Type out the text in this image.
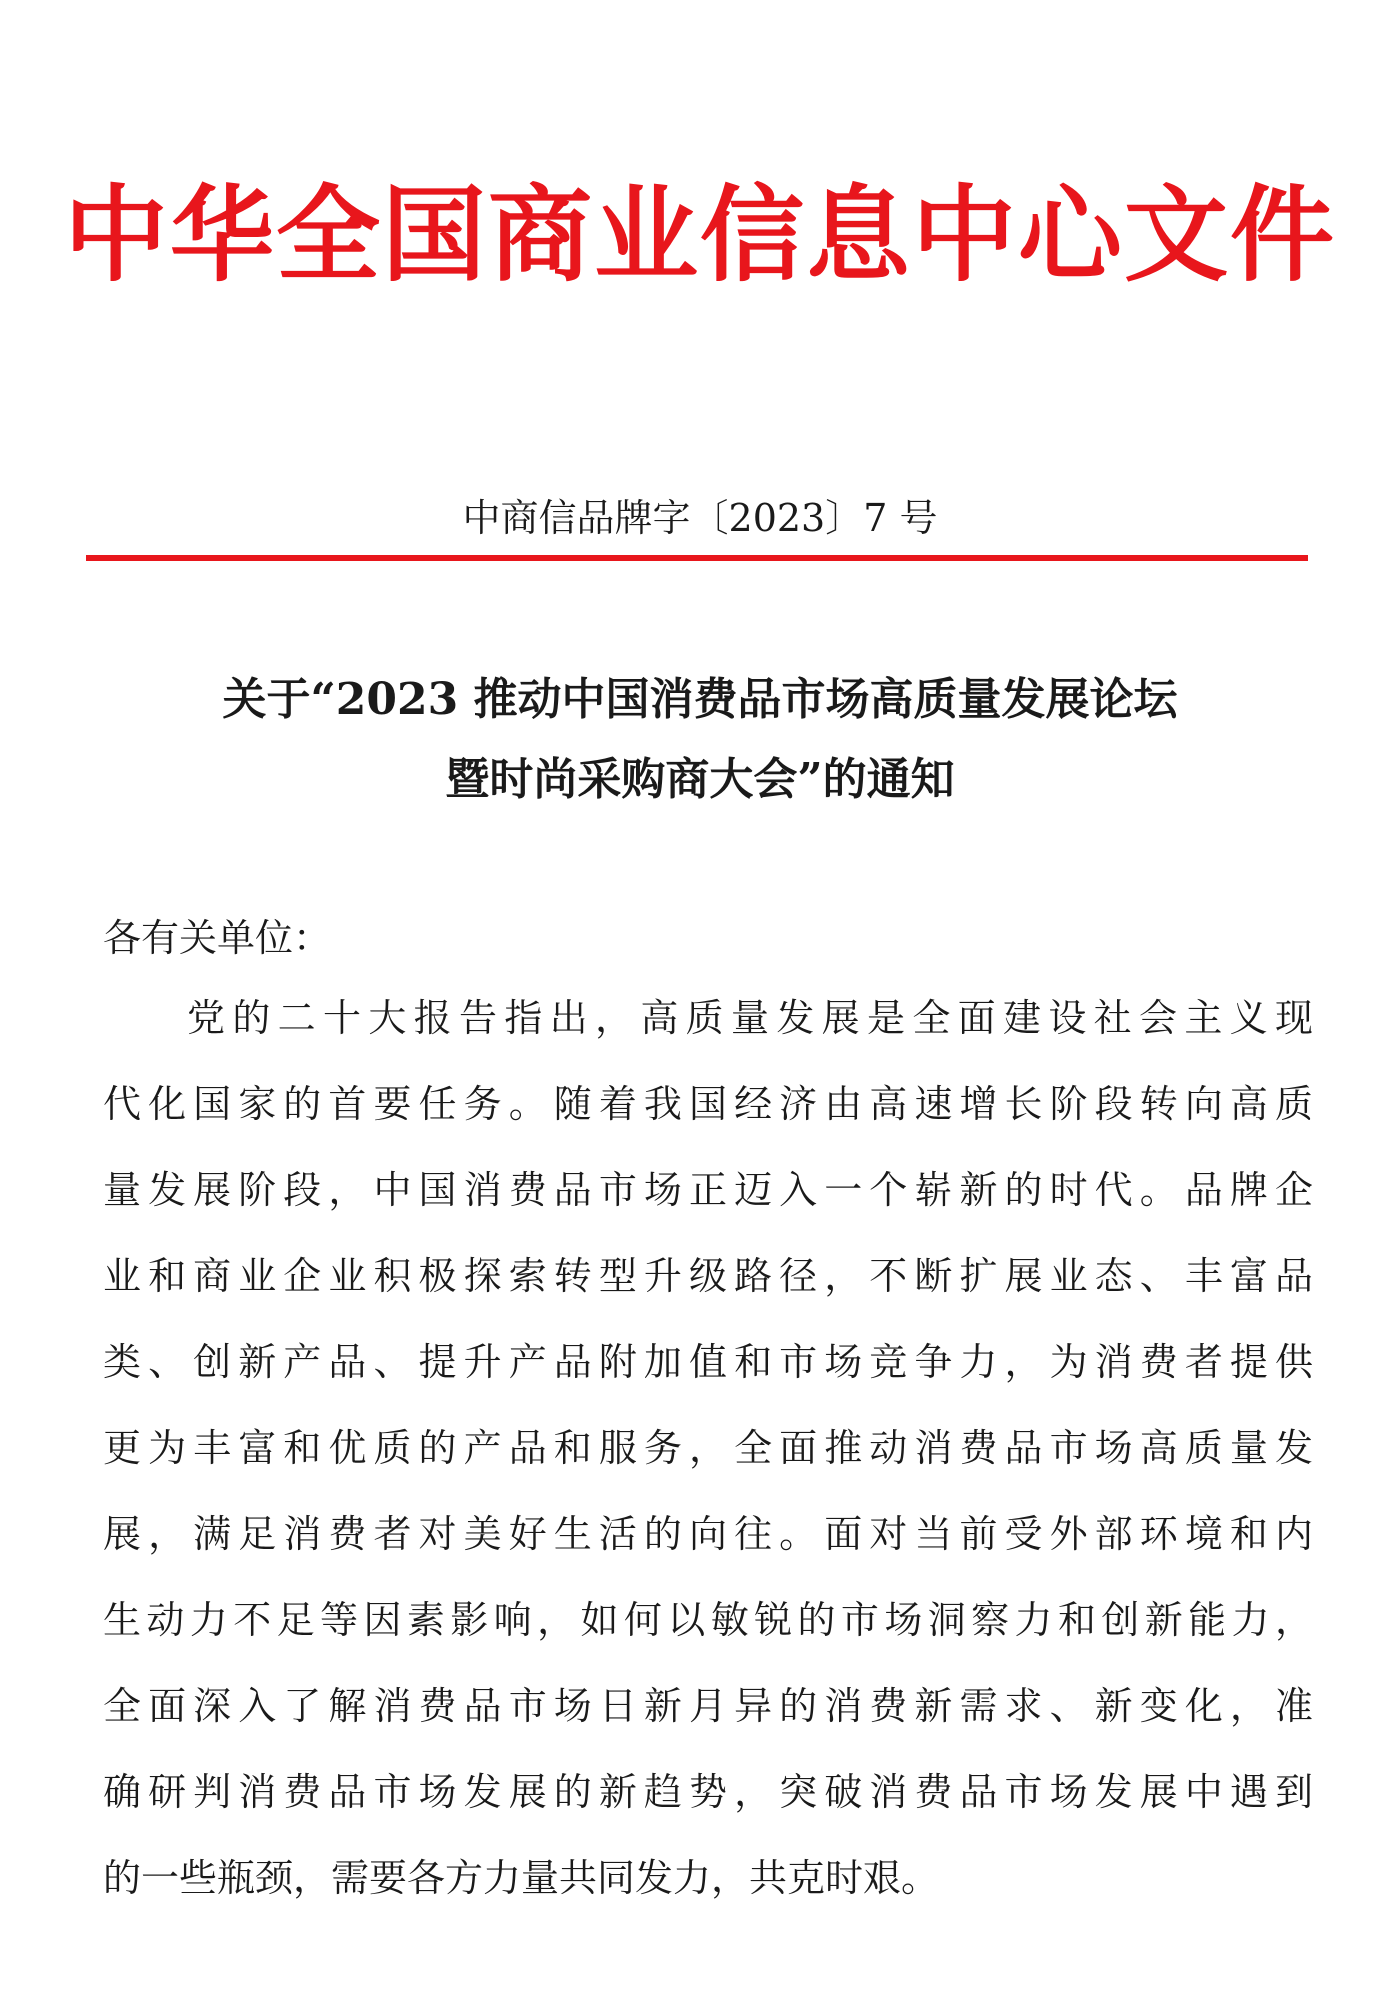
中华全国商业信息中心文件
中商信品牌字〔2023〕7 号
关于“2023 推动中国消费品市场高质量发展论坛
暨时尚采购商大会”的通知
各有关单位：
党的二十大报告指出，高质量发展是全面建设社会主义现
代化国家的首要任务。随着我国经济由高速增长阶段转向高质
量发展阶段，中国消费品市场正迈入一个崭新的时代。品牌企
业和商业企业积极探索转型升级路径，不断扩展业态、丰富品
类、创新产品、提升产品附加值和市场竞争力，为消费者提供
更为丰富和优质的产品和服务，全面推动消费品市场高质量发
展，满足消费者对美好生活的向往。面对当前受外部环境和内
生动力不足等因素影响，如何以敏锐的市场洞察力和创新能力，
全面深入了解消费品市场日新月异的消费新需求、新变化，准
确研判消费品市场发展的新趋势，突破消费品市场发展中遇到
的一些瓶颈，需要各方力量共同发力，共克时艰。
